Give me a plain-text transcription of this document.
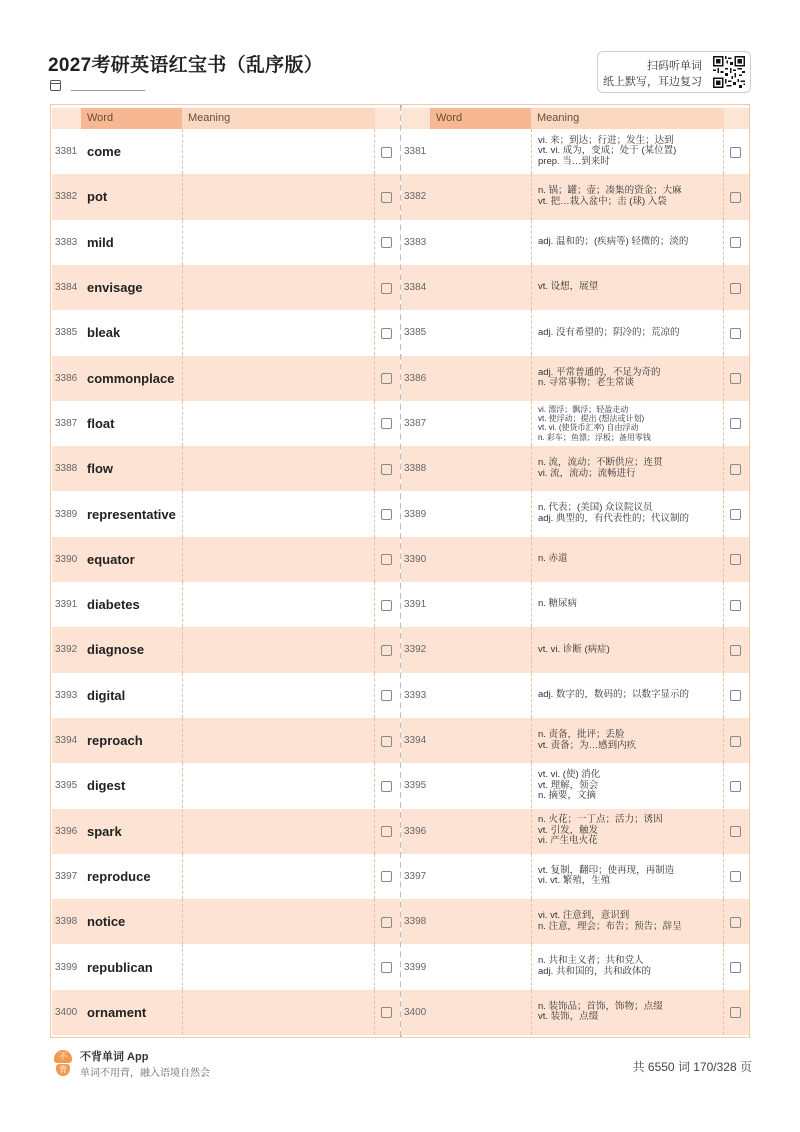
2027考研英语红宝书（乱序版）	扫码听单词
纸上默写，耳边复习
Word	Meaning
3381 come
3382 pot
3383 mild
3384 envisage
3385 bleak
3386 commonplace
3387 float
3388 flow
3389 representative
3390 equator
3391 diabetes
3392 diagnose
3393 digital
3394 reproach
3395 digest
3396 spark
3397 reproduce
3398 notice
3399 republican
3400 ornament
Word	Meaning
3381
vi. 来；到达；行进；发生；达到
vt. vi. 成为，变成；处于 (某位置)
prep. 当…到来时
3382
n. 锅；罐；壶；凑集的资金；大麻
vt. 把…栽入盆中；击 (球) 入袋
3383	adj. 温和的；(疾病等) 轻微的；淡的
3384	vt. 设想，展望
3385	adj. 没有希望的；阴冷的；荒凉的
3386
adj. 平常普通的，不足为奇的
n. 寻常事物；老生常谈
3387
vi. 漂浮；飘浮；轻盈走动
vt. 使浮动；提出 (想法或计划)
vt. vi. (使货币汇率) 自由浮动
n. 彩车；鱼漂；浮板；备用零钱
3388
n. 流，流动；不断供应；连贯
vi. 流，流动；流畅进行
3389
n. 代表；(美国) 众议院议员
adj. 典型的，有代表性的；代议制的
3390	n. 赤道
3391	n. 糖尿病
3392	vt. vi. 诊断 (病症)
3393	adj. 数字的，数码的；以数字显示的
3394
n. 责备，批评；丢脸
vt. 责备；为…感到内疚
3395
vt. vi. (使) 消化
vt. 理解，领会
n. 摘要，文摘
3396
n. 火花；一丁点；活力；诱因
vt. 引发，触发
vi. 产生电火花
3397
vt. 复制，翻印；使再现，再制造
vi. vt. 繁殖，生殖
3398
vi. vt. 注意到，意识到
n. 注意，理会；布告；预告；辞呈
3399
n. 共和主义者；共和党人
adj. 共和国的，共和政体的
3400
n. 装饰品；首饰，饰物；点缀
vt. 装饰，点缀
不
背
不背单词 App
单词不用背，融入语境自然会	共 6550 词 170/328 页
